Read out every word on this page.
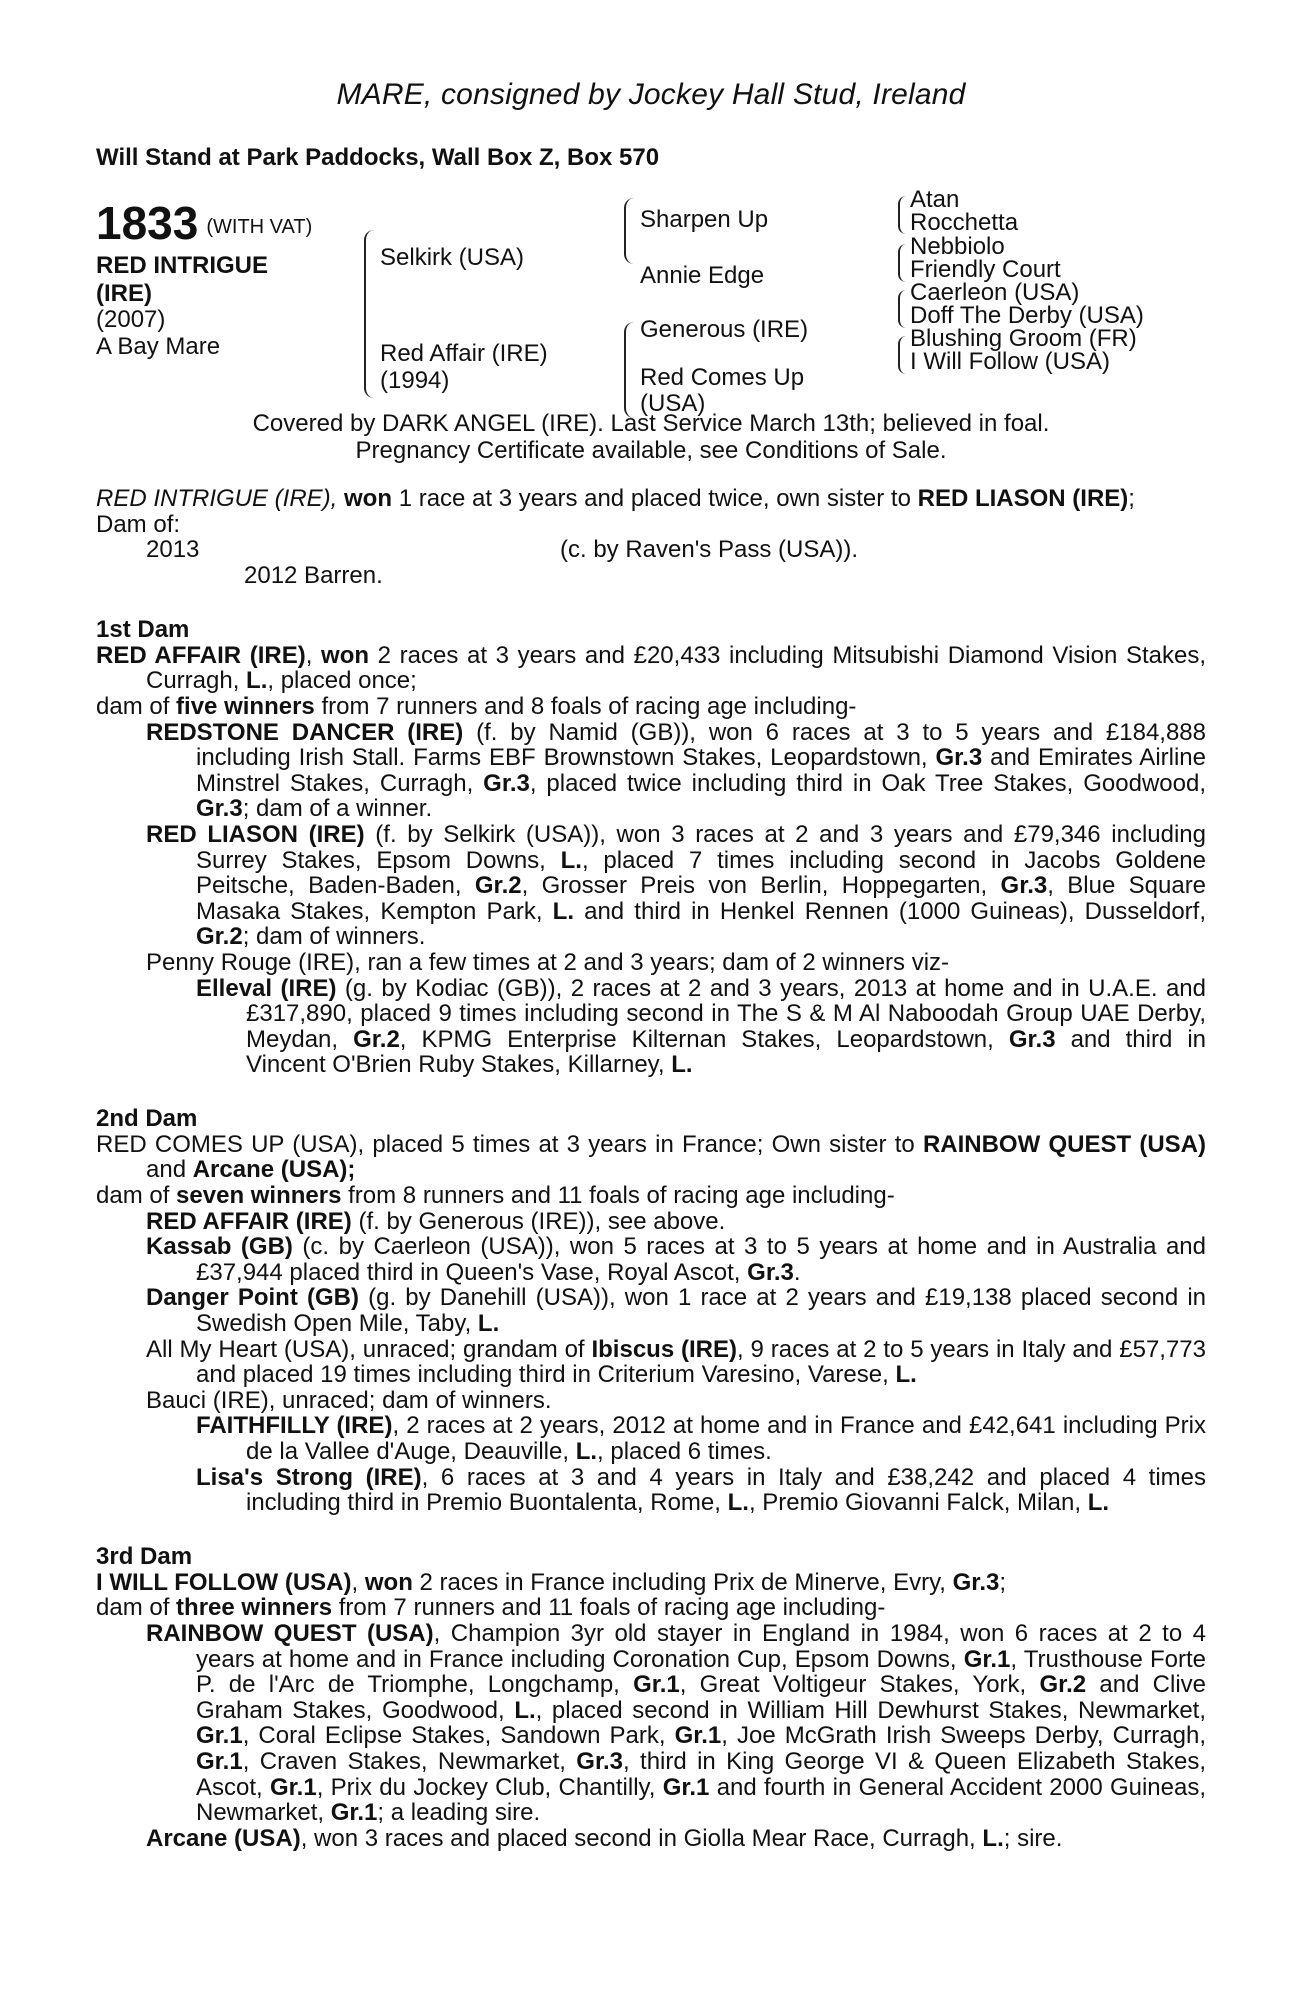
MARE, consigned by Jockey Hall Stud, Ireland
Will Stand at Park Paddocks, Wall Box Z, Box 570
1833 (WITH VAT)
RED INTRIGUE
(IRE)
(2007)
A Bay Mare
Selkirk (USA)
Red Affair (IRE)
(1994)
Sharpen Up
Annie Edge
Generous (IRE)
Red Comes Up
(USA)
Atan
Rocchetta
Nebbiolo
Friendly Court
Caerleon (USA)
Doff The Derby (USA)
Blushing Groom (FR)
I Will Follow (USA)
Covered by DARK ANGEL (IRE). Last Service March 13th; believed in foal.
Pregnancy Certificate available, see Conditions of Sale.
RED INTRIGUE (IRE), won 1 race at 3 years and placed twice, own sister to RED LIASON (IRE);
Dam of:
2013	(c. by Raven's Pass (USA)).
2012 Barren.
1st Dam
RED AFFAIR (IRE), won 2 races at 3 years and £20,433 including Mitsubishi Diamond Vision Stakes, Curragh, L., placed once;
dam of five winners from 7 runners and 8 foals of racing age including-
REDSTONE DANCER (IRE) (f. by Namid (GB)), won 6 races at 3 to 5 years and £184,888 including Irish Stall. Farms EBF Brownstown Stakes, Leopardstown, Gr.3 and Emirates Airline Minstrel Stakes, Curragh, Gr.3, placed twice including third in Oak Tree Stakes, Goodwood, Gr.3; dam of a winner.
RED LIASON (IRE) (f. by Selkirk (USA)), won 3 races at 2 and 3 years and £79,346 including Surrey Stakes, Epsom Downs, L., placed 7 times including second in Jacobs Goldene Peitsche, Baden-Baden, Gr.2, Grosser Preis von Berlin, Hoppegarten, Gr.3, Blue Square Masaka Stakes, Kempton Park, L. and third in Henkel Rennen (1000 Guineas), Dusseldorf, Gr.2; dam of winners.
Penny Rouge (IRE), ran a few times at 2 and 3 years; dam of 2 winners viz-
Elleval (IRE) (g. by Kodiac (GB)), 2 races at 2 and 3 years, 2013 at home and in U.A.E. and £317,890, placed 9 times including second in The S & M Al Naboodah Group UAE Derby, Meydan, Gr.2, KPMG Enterprise Kilternan Stakes, Leopardstown, Gr.3 and third in Vincent O'Brien Ruby Stakes, Killarney, L.
2nd Dam
RED COMES UP (USA), placed 5 times at 3 years in France; Own sister to RAINBOW QUEST (USA) and Arcane (USA);
dam of seven winners from 8 runners and 11 foals of racing age including-
RED AFFAIR (IRE) (f. by Generous (IRE)), see above.
Kassab (GB) (c. by Caerleon (USA)), won 5 races at 3 to 5 years at home and in Australia and £37,944 placed third in Queen's Vase, Royal Ascot, Gr.3.
Danger Point (GB) (g. by Danehill (USA)), won 1 race at 2 years and £19,138 placed second in Swedish Open Mile, Taby, L.
All My Heart (USA), unraced; grandam of Ibiscus (IRE), 9 races at 2 to 5 years in Italy and £57,773 and placed 19 times including third in Criterium Varesino, Varese, L.
Bauci (IRE), unraced; dam of winners.
FAITHFILLY (IRE), 2 races at 2 years, 2012 at home and in France and £42,641 including Prix de la Vallee d'Auge, Deauville, L., placed 6 times.
Lisa's Strong (IRE), 6 races at 3 and 4 years in Italy and £38,242 and placed 4 times including third in Premio Buontalenta, Rome, L., Premio Giovanni Falck, Milan, L.
3rd Dam
I WILL FOLLOW (USA), won 2 races in France including Prix de Minerve, Evry, Gr.3;
dam of three winners from 7 runners and 11 foals of racing age including-
RAINBOW QUEST (USA), Champion 3yr old stayer in England in 1984, won 6 races at 2 to 4 years at home and in France including Coronation Cup, Epsom Downs, Gr.1, Trusthouse Forte P. de l'Arc de Triomphe, Longchamp, Gr.1, Great Voltigeur Stakes, York, Gr.2 and Clive Graham Stakes, Goodwood, L., placed second in William Hill Dewhurst Stakes, Newmarket, Gr.1, Coral Eclipse Stakes, Sandown Park, Gr.1, Joe McGrath Irish Sweeps Derby, Curragh, Gr.1, Craven Stakes, Newmarket, Gr.3, third in King George VI & Queen Elizabeth Stakes, Ascot, Gr.1, Prix du Jockey Club, Chantilly, Gr.1 and fourth in General Accident 2000 Guineas, Newmarket, Gr.1; a leading sire.
Arcane (USA), won 3 races and placed second in Giolla Mear Race, Curragh, L.; sire.
